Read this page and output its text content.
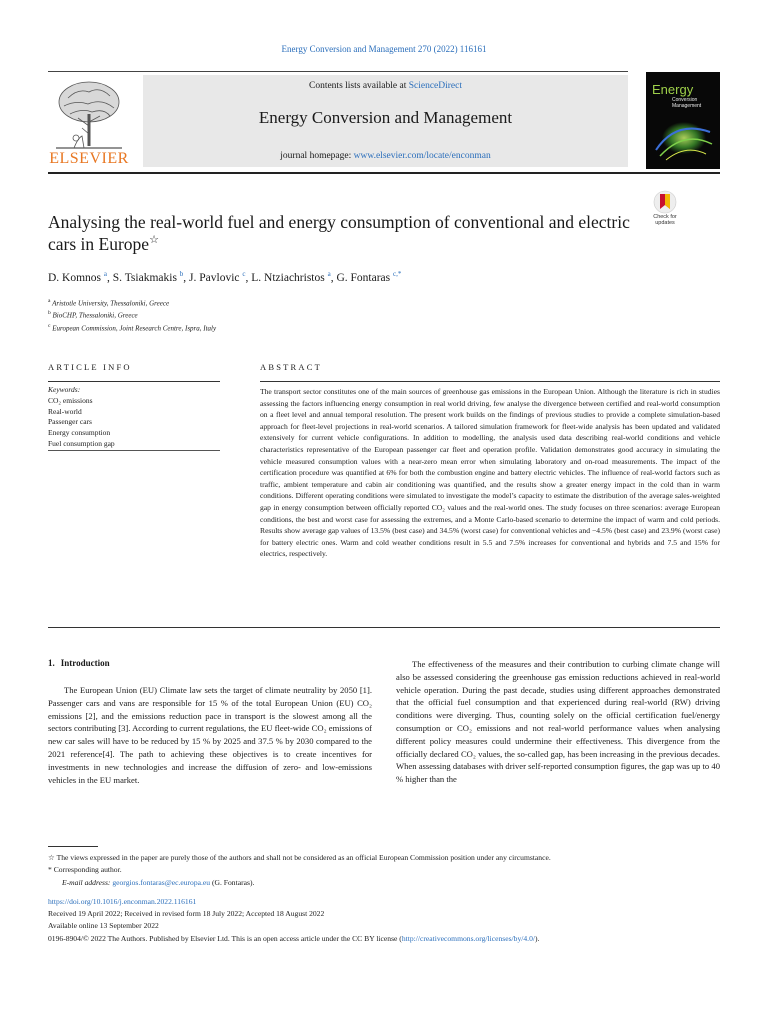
Energy Conversion and Management 270 (2022) 116161
ELSEVIER
Contents lists available at ScienceDirect
Energy Conversion and Management
journal homepage: www.elsevier.com/locate/enconman
Energy
Conversion
Management
Analysing the real-world fuel and energy consumption of conventional and electric cars in Europe☆
Check for
updates
D. Komnos $^a$, S. Tsiakmakis $^b$, J. Pavlovic $^c$, L. Ntziachristos $^a$, G. Fontaras $^{c,*}$
$^a$ Aristotle University, Thessaloniki, Greece
$^b$ BioCHP, Thessaloniki, Greece
$^c$ European Commission, Joint Research Centre, Ispra, Italy
ARTICLE INFO	ABSTRACT
Keywords:
CO₂ emissions
Real-world
Passenger cars
Energy consumption
Fuel consumption gap

The transport sector constitutes one of the main sources of greenhouse gas emissions in the European Union. Although the literature is rich in studies assessing the factors influencing energy consumption in real world driving, few analyse the divergence between certified and real-world consumption on a fleet level and annual temporal resolution. The present work builds on the findings of previous studies to provide a complete simulation-based approach for fleet-level projections in real-world scenarios. A tailored simulation framework for fleet-wide analysis has been updated and validated extensively for current vehicle configurations. In addition to modelling, the analysis used data describing real-world conditions and vehicle characteristics representative of the European passenger car fleet and operation profile. Validation demonstrates good accuracy in simulating the vehicle measured consumption values with a near-zero mean error when simulating laboratory and on-road measurements. The impact of the certification procedure was quantified at 6% for both the combustion engine and battery electric vehicles. The influence of real-world factors such as traffic, ambient temperature and cabin air conditioning was quantified, and the results show a greater energy impact in the cold than in warm conditions. Different operating conditions were simulated to investigate the model’s capacity to estimate the distribution of the average sales-weighted gap in energy consumption between officially reported CO₂ values and the real-world ones. The study focuses on three scenarios: average European conditions, the best and worst case for assessing the extremes, and a Monte Carlo-based scenario to determine the impact of warm and cold periods. Results show average gap values of 13.5% (best case) and 34.5% (worst case) for conventional vehicles and −4.5% (best case) and 23.9% (worst case) for battery electric ones. Warm and cold weather conditions result in 5.5 and 7.5% increases for conventional and hybrids and 7.5 and 15% for electrics, respectively.

1. Introduction

The European Union (EU) Climate law sets the target of climate neutrality by 2050 [1]. Passenger cars and vans are responsible for 15 % of the total European Union (EU) CO₂ emissions [2], and the emissions reduction pace in transport is the slowest among all the sectors contributing [3]. According to current regulations, the EU fleet-wide CO₂ emissions of new car sales will have to be reduced by 15 % by 2025 and 37.5 % by 2030 compared to the 2021 reference[4]. The path to achieving these objectives is to create incentives for investments in new technologies and increase the diffusion of zero- and low-emissions vehicles in the EU market.

The effectiveness of the measures and their contribution to curbing climate change will also be assessed considering the greenhouse gas emission reductions achieved in real-world vehicle operation. During the past decade, studies using different approaches demonstrated that the official fuel consumption and that experienced during real-world (RW) driving conditions were diverging. Thus, counting solely on the official certification fuel/energy consumption or CO₂ emissions and not real-world performance values when analysing different policy measures could undermine their effectiveness. This divergence from the officially declared CO₂ values, the so-called gap, has been increasing in the previous decades. When assessing databases with driver self-reported consumption figures, the gap was up to 40 % higher than the

☆ The views expressed in the paper are purely those of the authors and shall not be considered as an official European Commission position under any circumstance.
* Corresponding author.
E-mail address: georgios.fontaras@ec.europa.eu (G. Fontaras).
https://doi.org/10.1016/j.enconman.2022.116161
Received 19 April 2022; Received in revised form 18 July 2022; Accepted 18 August 2022
Available online 13 September 2022
0196-8904/© 2022 The Authors. Published by Elsevier Ltd. This is an open access article under the CC BY license (http://creativecommons.org/licenses/by/4.0/).
